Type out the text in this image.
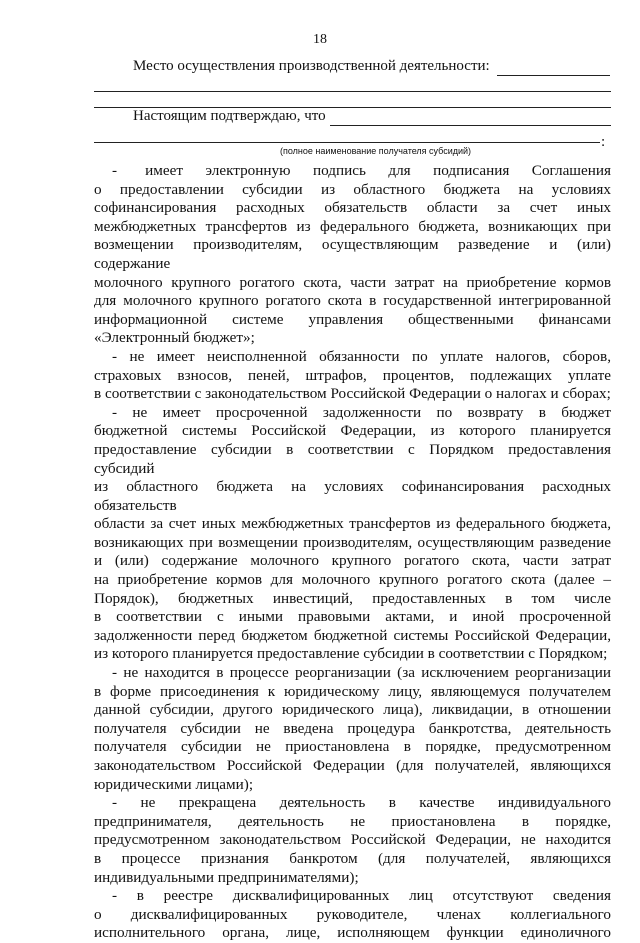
18
Место осуществления производственной деятельности:
Настоящим подтверждаю, что
:
(полное наименование получателя субсидий)

-     имеет    электронную    подпись    для    подписания    Соглашения

о предоставлении субсидии из областного бюджета на условиях

софинансирования расходных обязательств области за счет иных

межбюджетных трансфертов из федерального бюджета, возникающих при

возмещении производителям, осуществляющим разведение и (или) содержание

молочного крупного рогатого скота, части затрат на приобретение кормов

для молочного крупного рогатого скота в государственной интегрированной

информационной системе управления общественными финансами

«Электронный бюджет»;

- не имеет неисполненной обязанности по уплате налогов, сборов,

страховых взносов, пеней, штрафов, процентов, подлежащих уплате

в соответствии с законодательством Российской Федерации о налогах и сборах;

- не имеет просроченной задолженности по возврату в бюджет

бюджетной системы Российской Федерации, из которого планируется

предоставление субсидии в соответствии с Порядком предоставления субсидий

из областного бюджета на условиях софинансирования расходных обязательств

области за счет иных межбюджетных трансфертов из федерального бюджета,

возникающих при возмещении производителям, осуществляющим разведение

и (или) содержание молочного крупного рогатого скота, части затрат

на приобретение кормов для молочного крупного рогатого скота (далее –

Порядок), бюджетных инвестиций, предоставленных в том числе

в соответствии с иными правовыми актами, и иной просроченной

задолженности перед бюджетом бюджетной системы Российской Федерации,

из которого планируется предоставление субсидии в соответствии с Порядком;

- не находится в процессе реорганизации (за исключением реорганизации

в форме присоединения к юридическому лицу, являющемуся получателем

данной субсидии, другого юридического лица), ликвидации, в отношении

получателя субсидии не введена процедура банкротства, деятельность

получателя субсидии не приостановлена в порядке, предусмотренном

законодательством Российской Федерации (для получателей, являющихся

юридическими лицами);

- не прекращена деятельность в качестве индивидуального

предпринимателя, деятельность не приостановлена в порядке,

предусмотренном законодательством Российской Федерации, не находится

в процессе признания банкротом (для получателей, являющихся

индивидуальными предпринимателями);

- в реестре дисквалифицированных лиц отсутствуют сведения

о дисквалифицированных руководителе, членах коллегиального

исполнительного органа, лице, исполняющем функции единоличного
